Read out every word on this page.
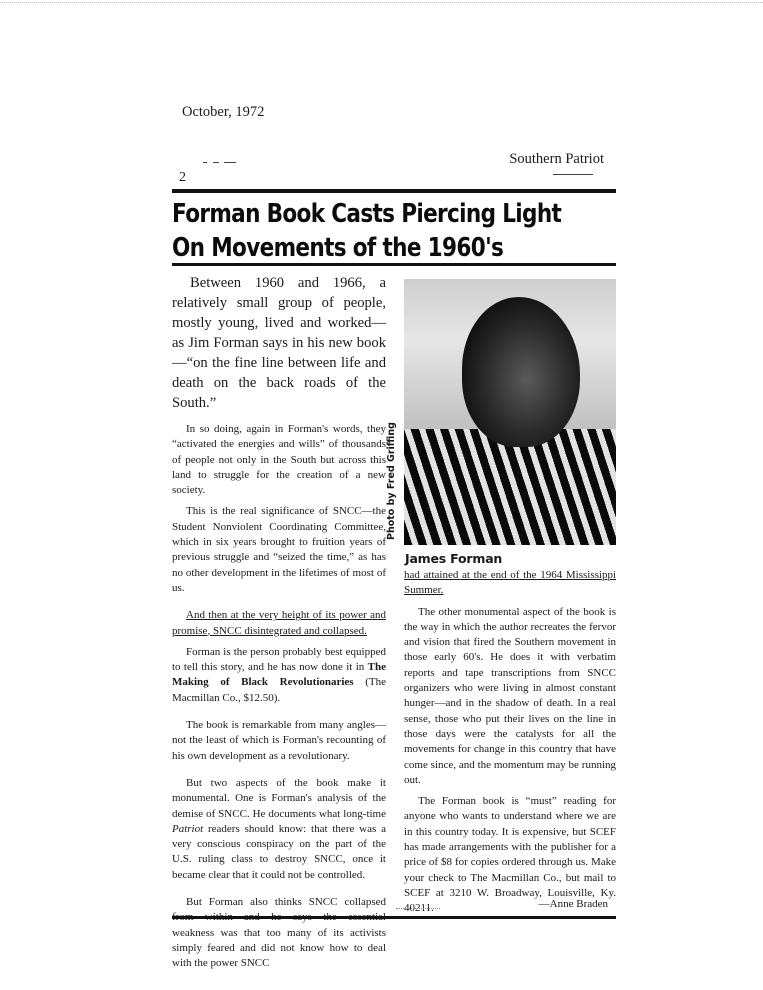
October, 1972
2
Southern Patriot
Forman Book Casts Piercing Light
On Movements of the 1960's

Between 1960 and 1966, a relatively small group of people, mostly young, lived and worked— as Jim Forman says in his new book—“on the fine line between life and death on the back roads of the South.”

In so doing, again in Forman's words, they “activated the energies and wills” of thousands of people not only in the South but across this land to struggle for the creation of a new society.

This is the real significance of SNCC—the Student Nonviolent Coordinating Committee, which in six years brought to fruition years of previous struggle and “seized the time,” as has no other development in the lifetimes of most of us.

And then at the very height of its power and promise, SNCC disintegrated and collapsed.

Forman is the person probably best equipped to tell this story, and he has now done it in The Making of Black Revolutionaries (The Macmillan Co., $12.50).

The book is remarkable from many angles—not the least of which is Forman's recounting of his own development as a revolutionary.

But two aspects of the book make it monumental. One is Forman's analysis of the demise of SNCC. He documents what long-time Patriot readers should know: that there was a very conscious conspiracy on the part of the U.S. ruling class to destroy SNCC, once it became clear that it could not be controlled.

But Forman also thinks SNCC collapsed weakness was that too many of its activists simply feared and did not know how to deal with the power SNCC

Photo by Fred Griffing
James Forman

had attained at the end of the 1964 Mississippi Summer.

The other monumental aspect of the book is the way in which the author recreates the fervor and vision that fired the Southern movement in those early 60's. He does it with verbatim reports and tape transcriptions from SNCC organizers who were living in almost constant hunger—and in the shadow of death. In a real sense, those who put their lives on the line in those days were the catalysts for all the movements for change in this country that have come since, and the momentum may be running out.

The Forman book is “must” reading for anyone who wants to understand where we are in this country today. It is expensive, but SCEF has made arrangements with the publisher for a price of $8 for copies ordered through us. Make your check to The Macmillan Co., but mail to SCEF at 3210 W. Broadway, Louisville, Ky. 40211.	—Anne Braden
